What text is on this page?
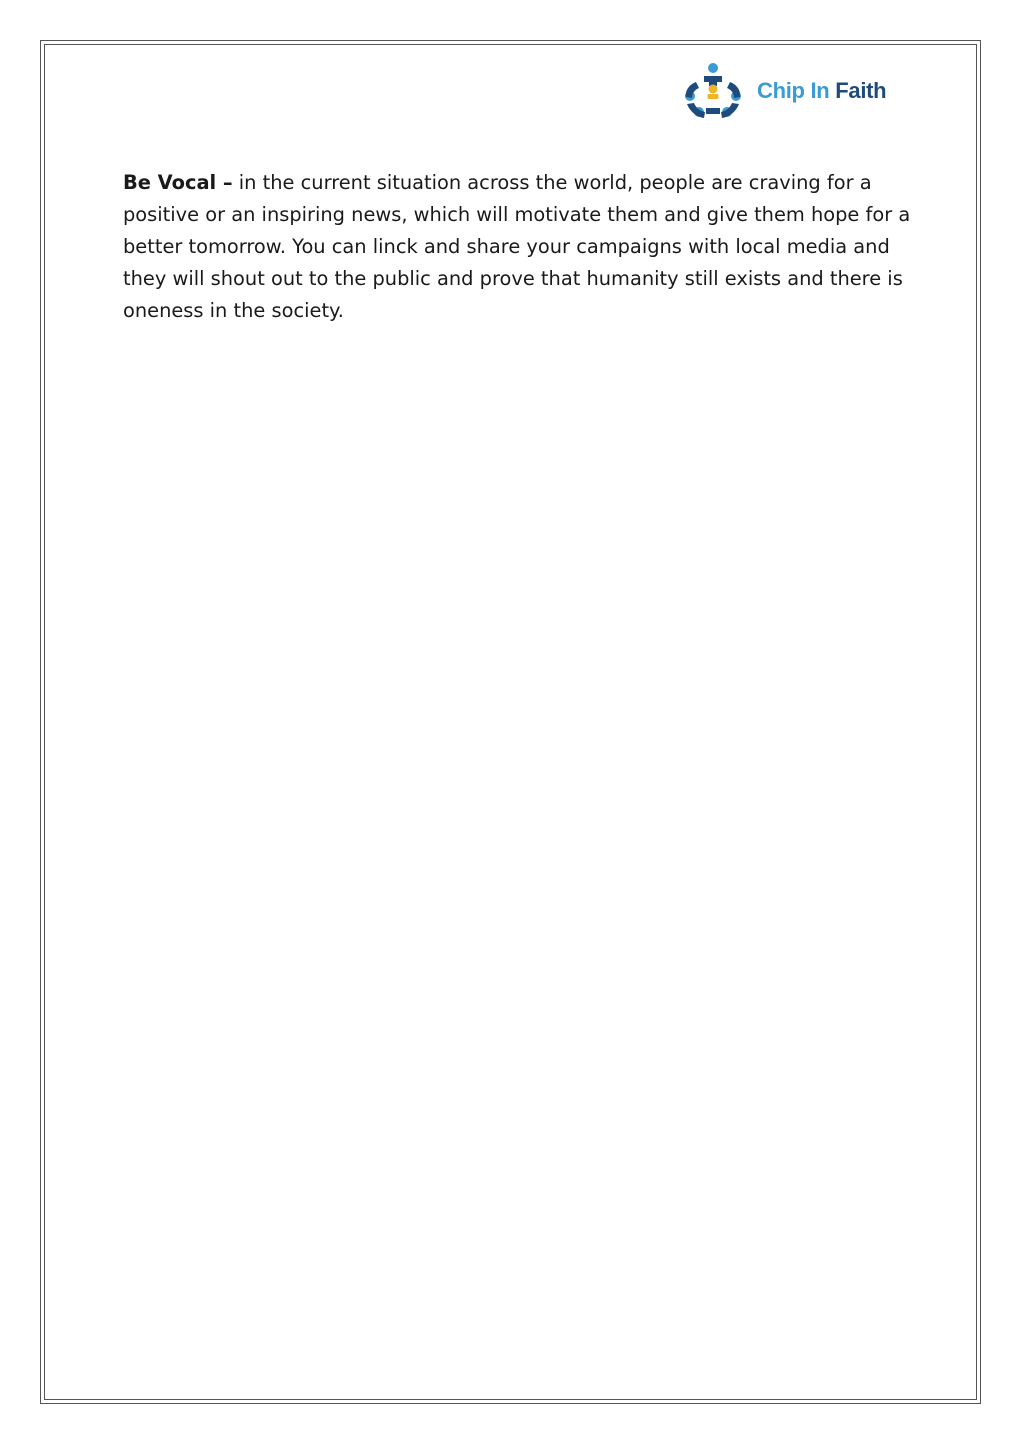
Chip In Faith

Be Vocal – in the current situation across the world, people are craving for a positive or an inspiring news, which will motivate them and give them hope for a better tomorrow. You can linck and share your campaigns with local media and they will shout out to the public and prove that humanity still exists and there is oneness in the society.
